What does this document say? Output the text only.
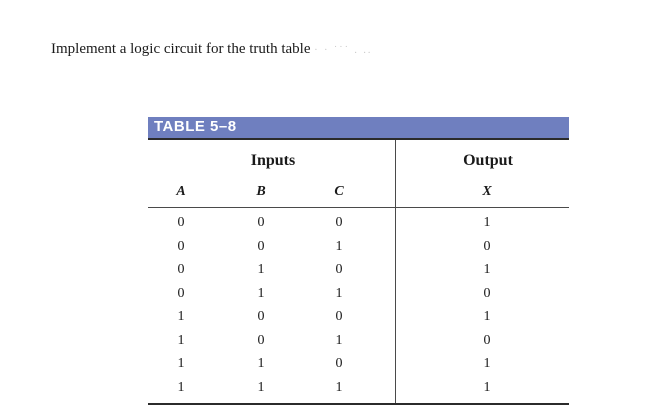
Implement a logic circuit for the truth table · · ˙˙˙ . ..
TABLE 5–8
Inputs	Output
A	B	C	X
0	0	0	1
0	0	1	0
0	1	0	1
0	1	1	0
1	0	0	1
1	0	1	0
1	1	0	1
1	1	1	1
